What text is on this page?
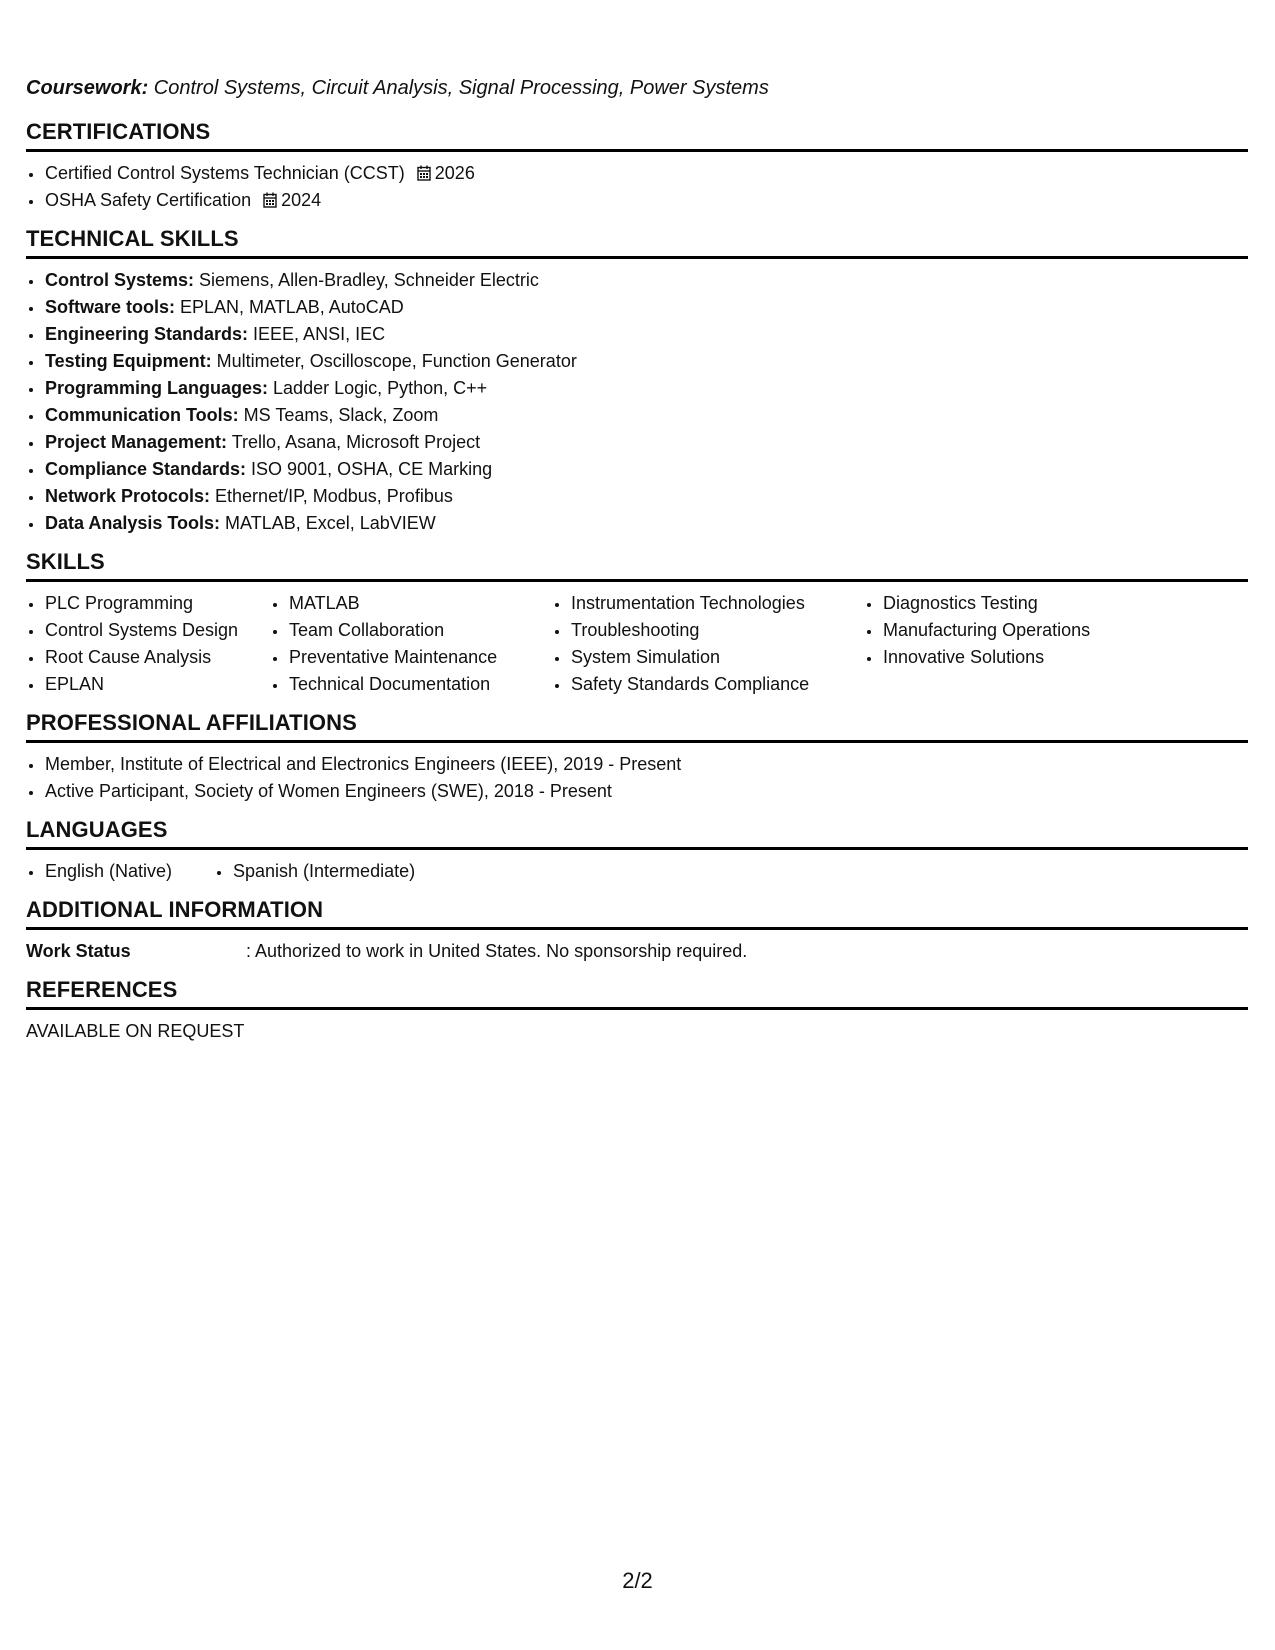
Coursework: Control Systems, Circuit Analysis, Signal Processing, Power Systems

CERTIFICATIONS
• Certified Control Systems Technician (CCST) 2026
• OSHA Safety Certification 2024
TECHNICAL SKILLS
• Control Systems: Siemens, Allen-Bradley, Schneider Electric
• Software tools: EPLAN, MATLAB, AutoCAD
• Engineering Standards: IEEE, ANSI, IEC
• Testing Equipment: Multimeter, Oscilloscope, Function Generator
• Programming Languages: Ladder Logic, Python, C++
• Communication Tools: MS Teams, Slack, Zoom
• Project Management: Trello, Asana, Microsoft Project
• Compliance Standards: ISO 9001, OSHA, CE Marking
• Network Protocols: Ethernet/IP, Modbus, Profibus
• Data Analysis Tools: MATLAB, Excel, LabVIEW
SKILLS
• PLC Programming
• Control Systems Design
• Root Cause Analysis
• EPLAN
• MATLAB
• Team Collaboration
• Preventative Maintenance
• Technical Documentation
• Instrumentation Technologies
• Troubleshooting
• System Simulation
• Safety Standards Compliance
• Diagnostics Testing
• Manufacturing Operations
• Innovative Solutions
PROFESSIONAL AFFILIATIONS
• Member, Institute of Electrical and Electronics Engineers (IEEE), 2019 - Present
• Active Participant, Society of Women Engineers (SWE), 2018 - Present
LANGUAGES
• English (Native)
•	Spanish (Intermediate)
ADDITIONAL INFORMATION
Work Status	: Authorized to work in United States. No sponsorship required.
REFERENCES
AVAILABLE ON REQUEST
2/2
